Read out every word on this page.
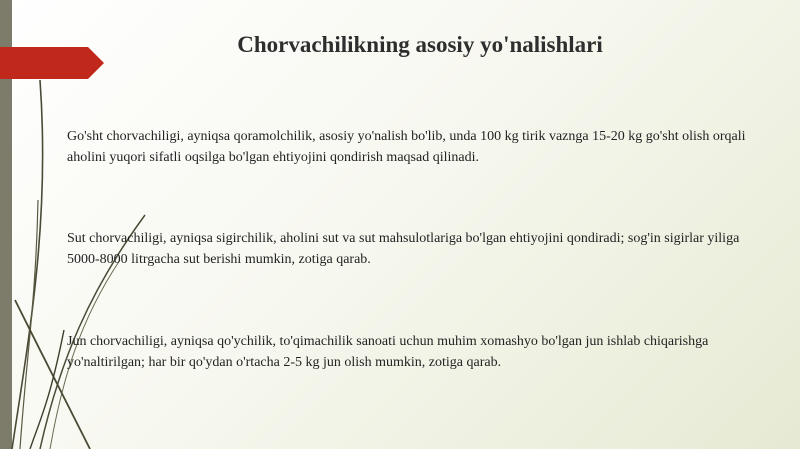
Chorvachilikning asosiy yo'nalishlari
Go'sht chorvachiligi, ayniqsa qoramolchilik, asosiy yo'nalish bo'lib, unda 100 kg tirik vaznga 15-20 kg go'sht olish orqali aholini yuqori sifatli oqsilga bo'lgan ehtiyojini qondirish maqsad qilinadi.
Sut chorvachiligi, ayniqsa sigirchilik, aholini sut va sut mahsulotlariga bo'lgan ehtiyojini qondiradi; sog'in sigirlar yiliga 5000-8000 litrgacha sut berishi mumkin, zotiga qarab.
Jun chorvachiligi, ayniqsa qo'ychilik, to'qimachilik sanoati uchun muhim xomashyo bo'lgan jun ishlab chiqarishga yo'naltirilgan; har bir qo'ydan o'rtacha 2-5 kg jun olish mumkin, zotiga qarab.
